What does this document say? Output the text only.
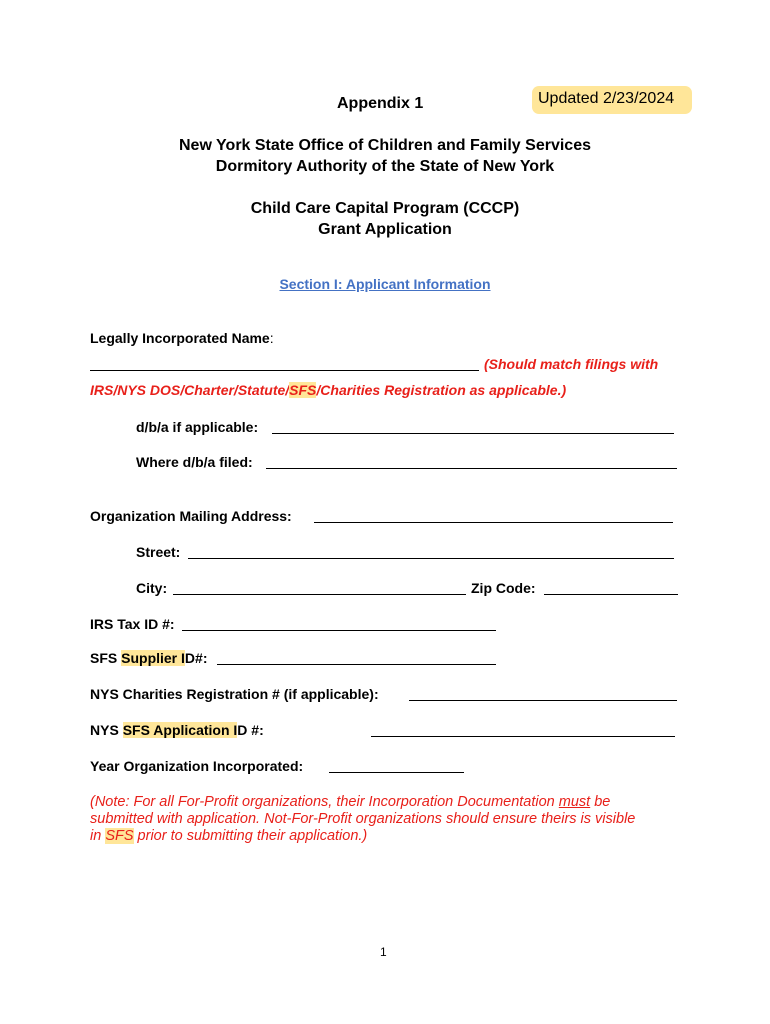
Updated 2/23/2024
Appendix 1
New York State Office of Children and Family Services
Dormitory Authority of the State of New York
Child Care Capital Program (CCCP)
Grant Application
Section I: Applicant Information
Legally Incorporated Name:
(Should match filings with
IRS/NYS DOS/Charter/Statute/SFS/Charities Registration as applicable.)
d/b/a if applicable:
Where d/b/a filed:
Organization Mailing Address:
Street:
City:	Zip Code:
IRS Tax ID #:
SFS Supplier ID#:
NYS Charities Registration # (if applicable):
NYS SFS Application ID #:
Year Organization Incorporated:
(Note: For all For-Profit organizations, their Incorporation Documentation must be
submitted with application. Not-For-Profit organizations should ensure theirs is visible
in SFS prior to submitting their application.)
1
